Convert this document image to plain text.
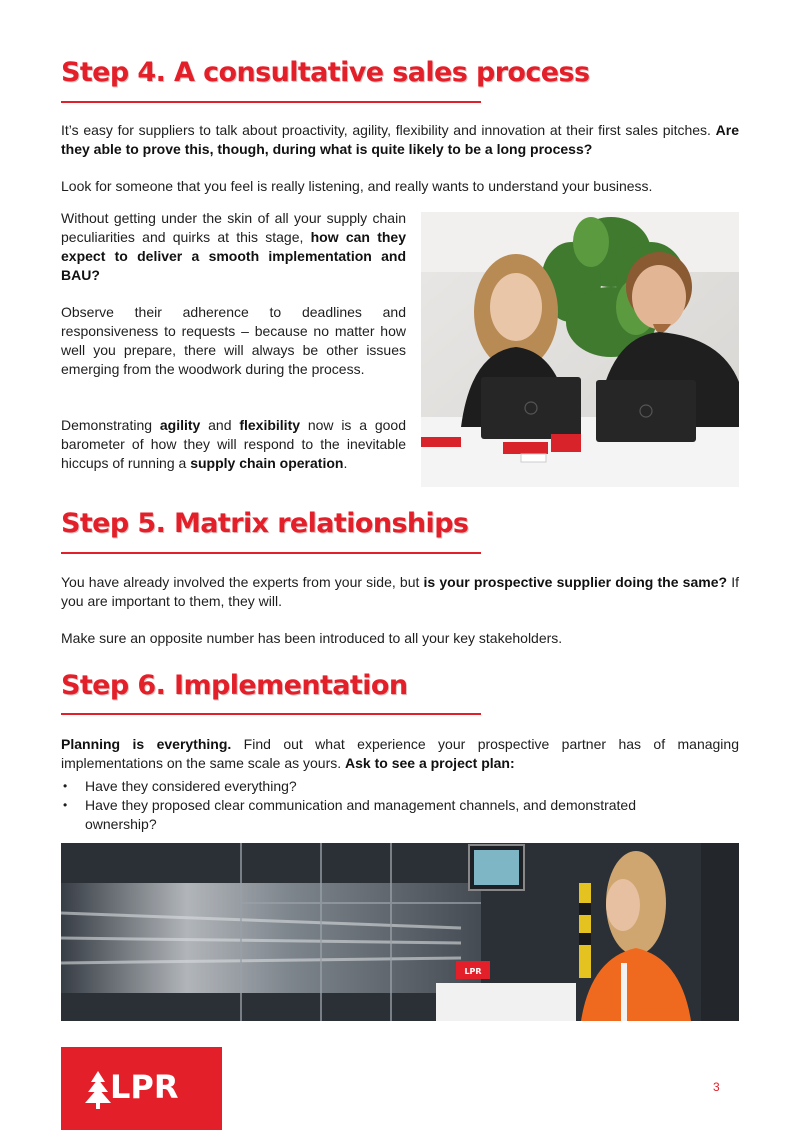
Step 4. A consultative sales process

It’s easy for suppliers to talk about proactivity, agility, flexibility and innovation at their first sales pitches. Are they able to prove this, though, during what is quite likely to be a long process?

Look for someone that you feel is really listening, and really wants to understand your business.

Without getting under the skin of all your supply chain peculiarities and quirks at this stage, how can they expect to deliver a smooth implementation and BAU?

Observe their adherence to deadlines and responsiveness to requests – because no matter how well you prepare, there will always be other issues emerging from the woodwork during the process.

Demonstrating agility and flexibility now is a good barometer of how they will respond to the inevitable hiccups of running a supply chain operation.

Step 5. Matrix relationships

You have already involved the experts from your side, but is your prospective supplier doing the same? If you are important to them, they will.

Make sure an opposite number has been introduced to all your key stakeholders.

Step 6. Implementation

Planning is everything. Find out what experience your prospective partner has of managing implementations on the same scale as yours. Ask to see a project plan:

• Have they considered everything?
• Have they proposed clear communication and management channels, and demonstrated ownership?
LPR
LPR	3
